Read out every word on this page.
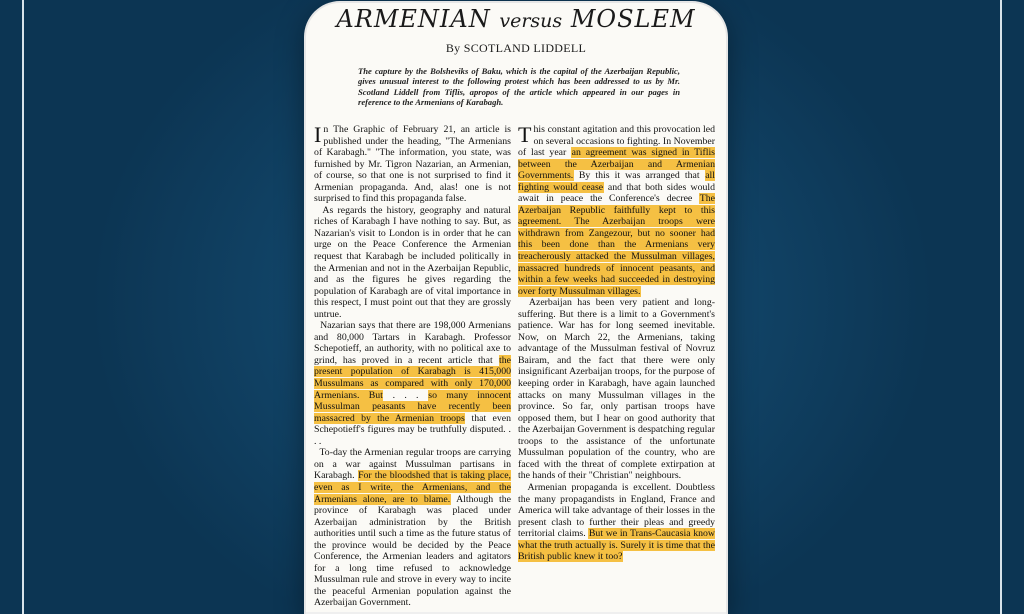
ARMENIAN versus MOSLEM
By SCOTLAND LIDDELL
The capture by the Bolsheviks of Baku, which is the capital of the Azerbaijan Republic, gives unusual interest to the following protest which has been addressed to us by Mr. Scotland Liddell from Tiflis, apropos of the article which appeared in our pages in reference to the Armenians of Karabagh.

In The Graphic of February 21, an article is published under the heading, "The Armenians of Karabagh." "The information, you state, was furnished by Mr. Tigron Nazarian, an Armenian, of course, so that one is not surprised to find it Armenian propaganda. And, alas! one is not surprised to find this propaganda false.

As regards the history, geography and natural riches of Karabagh I have nothing to say. But, as Nazarian's visit to London is in order that he can urge on the Peace Conference the Armenian request that Karabagh be included politically in the Armenian and not in the Azerbaijan Republic, and as the figures he gives regarding the population of Karabagh are of vital importance in this respect, I must point out that they are grossly untrue.

Nazarian says that there are 198,000 Armenians and 80,000 Tartars in Karabagh. Professor Schepotieff, an authority, with no political axe to grind, has proved in a recent article that the present population of Karabagh is 415,000 Mussulmans as compared with only 170,000 Armenians. But . . . so many innocent Mussulman peasants have recently been massacred by the Armenian troops that even Schepotieff's figures may be truthfully disputed. . . .

To-day the Armenian regular troops are carrying on a war against Mussulman partisans in Karabagh. For the bloodshed that is taking place, even as I write, the Armenians, and the Armenians alone, are to blame. Although the province of Karabagh was placed under Azerbaijan administration by the British authorities until such a time as the future status of the province would be decided by the Peace Conference, the Armenian leaders and agitators for a long time refused to acknowledge Mussulman rule and strove in every way to incite the peaceful Armenian population against the Azerbaijan Government.

This constant agitation and this provocation led on several occasions to fighting. In November of last year an agreement was signed in Tiflis between the Azerbaijan and Armenian Governments. By this it was arranged that all fighting would cease and that both sides would await in peace the Conference's decree The Azerbaijan Republic faithfully kept to this agreement. The Azerbaijan troops were withdrawn from Zangezour, but no sooner had this been done than the Armenians very treacherously attacked the Mussulman villages, massacred hundreds of innocent peasants, and within a few weeks had succeeded in destroying over forty Mussulman villages.

Azerbaijan has been very patient and long-suffering. But there is a limit to a Government's patience. War has for long seemed inevitable. Now, on March 22, the Armenians, taking advantage of the Mussulman festival of Novruz Bairam, and the fact that there were only insignificant Azerbaijan troops, for the purpose of keeping order in Karabagh, have again launched attacks on many Mussulman villages in the province. So far, only partisan troops have opposed them, but I hear on good authority that the Azerbaijan Government is despatching regular troops to the assistance of the unfortunate Mussulman population of the country, who are faced with the threat of complete extirpation at the hands of their "Christian" neighbours.

Armenian propaganda is excellent. Doubtless the many propagandists in England, France and America will take advantage of their losses in the present clash to further their pleas and greedy territorial claims. But we in Trans-Caucasia know what the truth actually is. Surely it is time that the British public knew it too?
